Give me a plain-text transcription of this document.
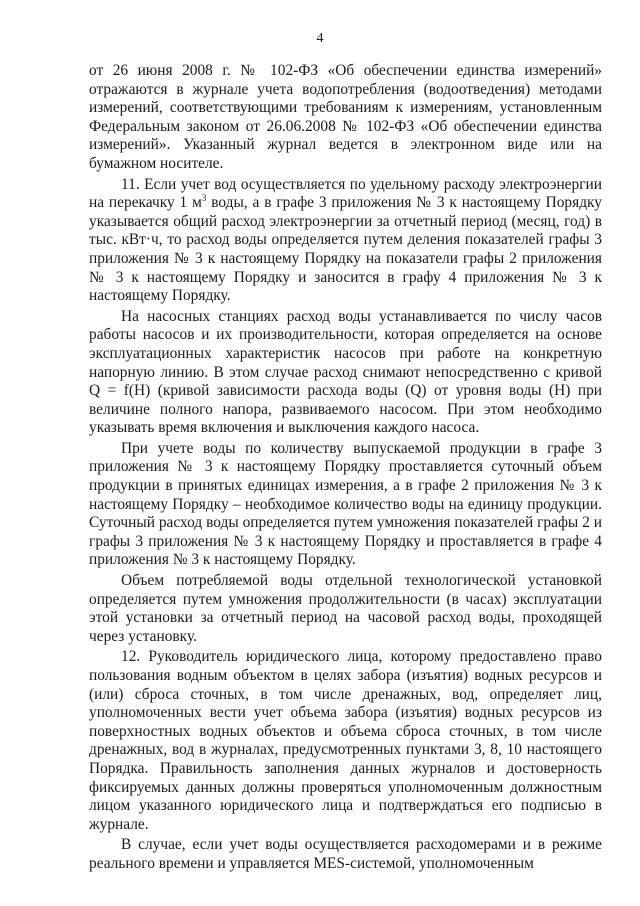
4

от 26 июня 2008 г. № 102-ФЗ «Об обеспечении единства измерений» отражаются в журнале учета водопотребления (водоотведения) методами измерений, соответствующими требованиям к измерениям, установленным Федеральным законом от 26.06.2008 № 102-ФЗ «Об обеспечении единства измерений». Указанный журнал ведется в электронном виде или на бумажном носителе.

11. Если учет вод осуществляется по удельному расходу электроэнергии на перекачку 1 $м^3$ воды, а в графе 3 приложения № 3 к настоящему Порядку указывается общий расход электроэнергии за отчетный период (месяц, год) в тыс. кВт·ч, то расход воды определяется путем деления показателей графы 3 приложения № 3 к настоящему Порядку на показатели графы 2 приложения № 3 к настоящему Порядку и заносится в графу 4 приложения № 3 к настоящему Порядку.

На насосных станциях расход воды устанавливается по числу часов работы насосов и их производительности, которая определяется на основе эксплуатационных характеристик насосов при работе на конкретную напорную линию. В этом случае расход снимают непосредственно с кривой Q = f(H) (кривой зависимости расхода воды (Q) от уровня воды (H) при величине полного напора, развиваемого насосом. При этом необходимо указывать время включения и выключения каждого насоса.

При учете воды по количеству выпускаемой продукции в графе 3 приложения № 3 к настоящему Порядку проставляется суточный объем продукции в принятых единицах измерения, а в графе 2 приложения № 3 к настоящему Порядку – необходимое количество воды на единицу продукции. Суточный расход воды определяется путем умножения показателей графы 2 и графы 3 приложения № 3 к настоящему Порядку и проставляется в графе 4 приложения № 3 к настоящему Порядку.

Объем потребляемой воды отдельной технологической установкой определяется путем умножения продолжительности (в часах) эксплуатации этой установки за отчетный период на часовой расход воды, проходящей через установку.

12. Руководитель юридического лица, которому предоставлено право пользования водным объектом в целях забора (изъятия) водных ресурсов и (или) сброса сточных, в том числе дренажных, вод, определяет лиц, уполномоченных вести учет объема забора (изъятия) водных ресурсов из поверхностных водных объектов и объема сброса сточных, в том числе дренажных, вод в журналах, предусмотренных пунктами 3, 8, 10 настоящего Порядка. Правильность заполнения данных журналов и достоверность фиксируемых данных должны проверяться уполномоченным должностным лицом указанного юридического лица и подтверждаться его подписью в журнале.

В случае, если учет воды осуществляется расходомерами и в режиме реального времени и управляется MES-системой, уполномоченным
